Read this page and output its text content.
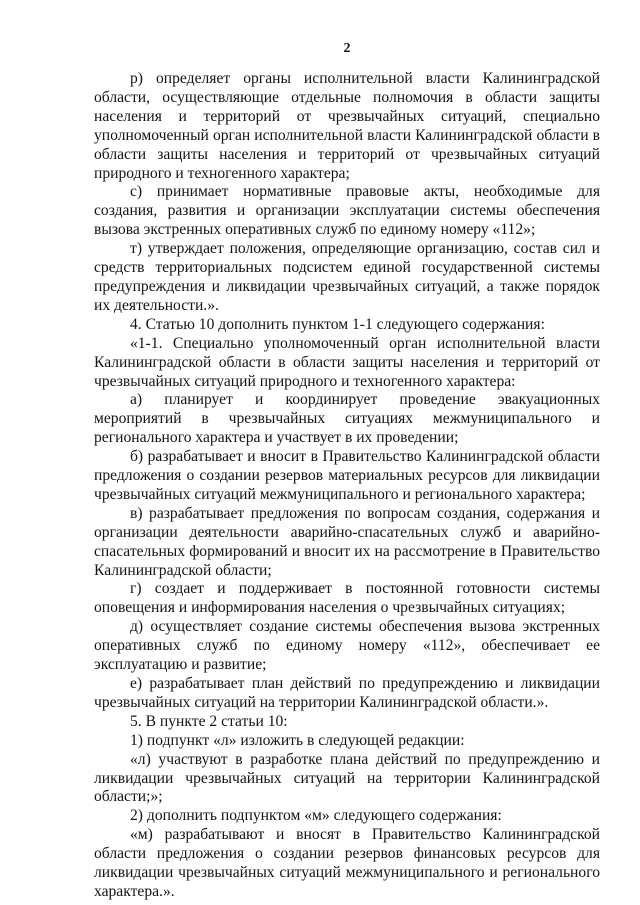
2

р) определяет органы исполнительной власти Калининградской области, осуществляющие отдельные полномочия в области защиты населения и территорий от чрезвычайных ситуаций, специально уполномоченный орган исполнительной власти Калининградской области в области защиты населения и территорий от чрезвычайных ситуаций природного и техногенного характера;

с) принимает нормативные правовые акты, необходимые для создания, развития и организации эксплуатации системы обеспечения вызова экстренных оперативных служб по единому номеру «112»;

т) утверждает положения, определяющие организацию, состав сил и средств территориальных подсистем единой государственной системы предупреждения и ликвидации чрезвычайных ситуаций, а также порядок их деятельности.».

4. Статью 10 дополнить пунктом 1-1 следующего содержания:

«1-1. Специально уполномоченный орган исполнительной власти Калининградской области в области защиты населения и территорий от чрезвычайных ситуаций природного и техногенного характера:

а) планирует и координирует проведение эвакуационных мероприятий в чрезвычайных ситуациях межмуниципального и регионального характера и участвует в их проведении;

б) разрабатывает и вносит в Правительство Калининградской области предложения о создании резервов материальных ресурсов для ликвидации чрезвычайных ситуаций межмуниципального и регионального характера;

в) разрабатывает предложения по вопросам создания, содержания и организации деятельности аварийно-спасательных служб и аварийно-спасательных формирований и вносит их на рассмотрение в Правительство Калининградской области;

г) создает и поддерживает в постоянной готовности системы оповещения и информирования населения о чрезвычайных ситуациях;

д) осуществляет создание системы обеспечения вызова экстренных оперативных служб по единому номеру «112», обеспечивает ее эксплуатацию и развитие;

е) разрабатывает план действий по предупреждению и ликвидации чрезвычайных ситуаций на территории Калининградской области.».

5. В пункте 2 статьи 10:

1) подпункт «л» изложить в следующей редакции:

«л) участвуют в разработке плана действий по предупреждению и ликвидации чрезвычайных ситуаций на территории Калининградской области;»;

2) дополнить подпунктом «м» следующего содержания:

«м) разрабатывают и вносят в Правительство Калининградской области предложения о создании резервов финансовых ресурсов для ликвидации чрезвычайных ситуаций межмуниципального и регионального характера.».
